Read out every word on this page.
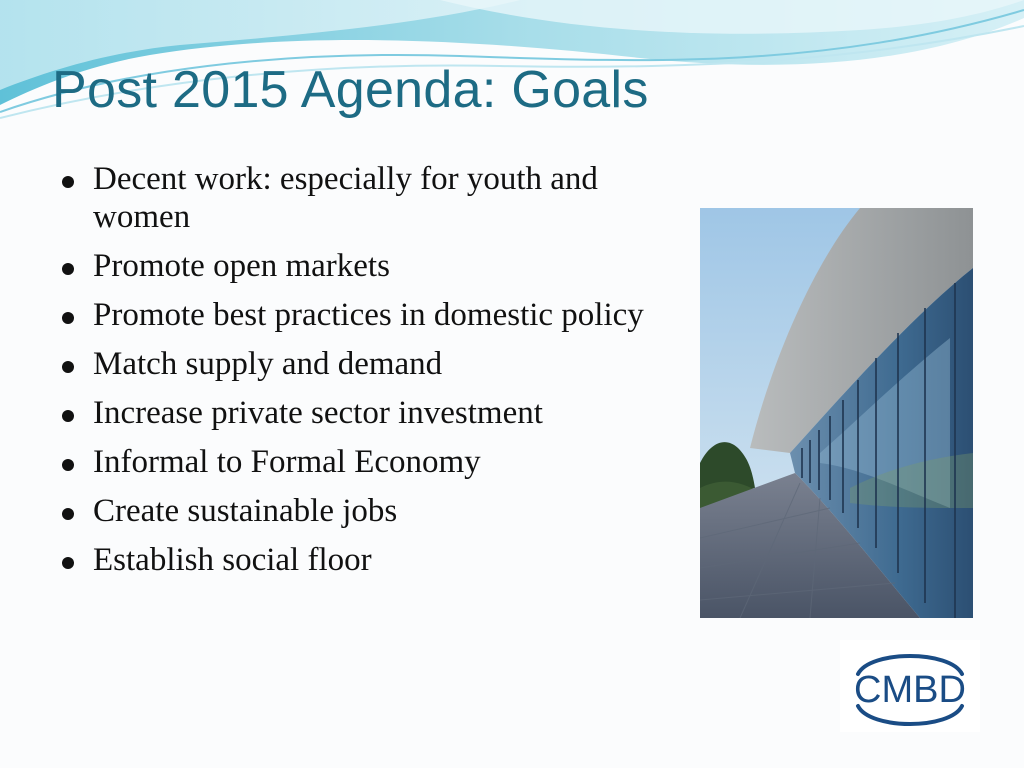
Post 2015 Agenda: Goals
Decent work: especially for youth and women
Promote open markets
Promote best practices in domestic policy
Match supply and demand
Increase private sector investment
Informal to Formal Economy
Create sustainable jobs
Establish social floor
CMBD
